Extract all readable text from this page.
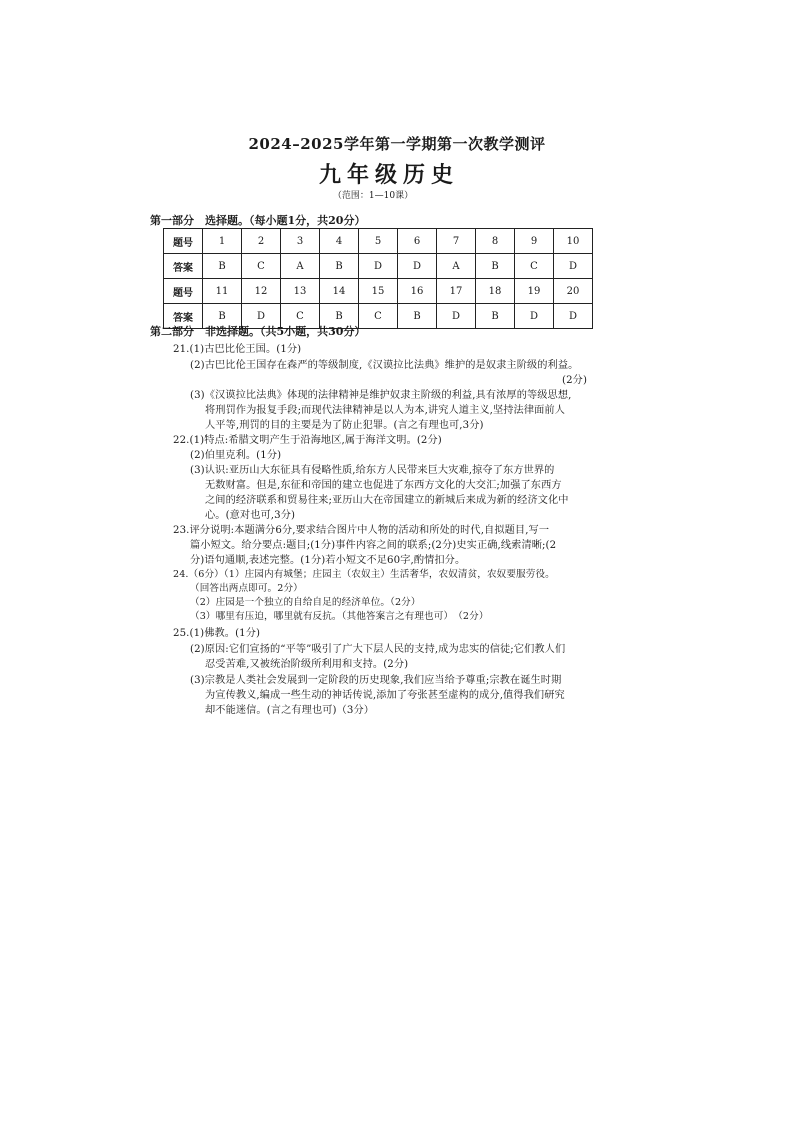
2024–2025学年第一学期第一次教学测评
九年级历史
（范围：1—10课）
第一部分　选择题。（每小题1分，共20分）
题号	1	2	3	4	5	6	7	8	9	10
答案	B	C	A	B	D	D	A	B	C	D
题号	11	12	13	14	15	16	17	18	19	20
答案	B	D	C	B	C	B	D	B	D	D
第二部分　非选择题。（共5小题，共30分）
21.(1)古巴比伦王国。(1分)
(2)古巴比伦王国存在森严的等级制度,《汉谟拉比法典》维护的是奴隶主阶级的利益。
(2分)
(3)《汉谟拉比法典》体现的法律精神是维护奴隶主阶级的利益,具有浓厚的等级思想,
将刑罚作为报复手段;而现代法律精神是以人为本,讲究人道主义,坚持法律面前人
人平等,刑罚的目的主要是为了防止犯罪。(言之有理也可,3分)
22.(1)特点:希腊文明产生于沿海地区,属于海洋文明。(2分)
(2)伯里克利。(1分)
(3)认识:亚历山大东征具有侵略性质,给东方人民带来巨大灾难,掠夺了东方世界的
无数财富。但是,东征和帝国的建立也促进了东西方文化的大交汇;加强了东西方
之间的经济联系和贸易往来;亚历山大在帝国建立的新城后来成为新的经济文化中
心。(意对也可,3分)
23.评分说明:本题满分6分,要求结合图片中人物的活动和所处的时代,自拟题目,写一
篇小短文。给分要点:题目;(1分)事件内容之间的联系;(2分)史实正确,线索清晰;(2
分)语句通顺,表述完整。(1分)若小短文不足60字,酌情扣分。
24.（6分）（1）庄园内有城堡；庄园主（农奴主）生活奢华，农奴清贫，农奴要服劳役。
（回答出两点即可。2分）
（2）庄园是一个独立的自给自足的经济单位。（2分）
（3）哪里有压迫，哪里就有反抗。（其他答案言之有理也可）　（2分）
25.(1)佛教。(1分)
(2)原因:它们宣扬的“平等”吸引了广大下层人民的支持,成为忠实的信徒;它们教人们
忍受苦难,又被统治阶级所利用和支持。(2分)
(3)宗教是人类社会发展到一定阶段的历史现象,我们应当给予尊重;宗教在诞生时期
为宣传教义,编成一些生动的神话传说,添加了夸张甚至虚构的成分,值得我们研究
却不能迷信。(言之有理也可)（3分）
